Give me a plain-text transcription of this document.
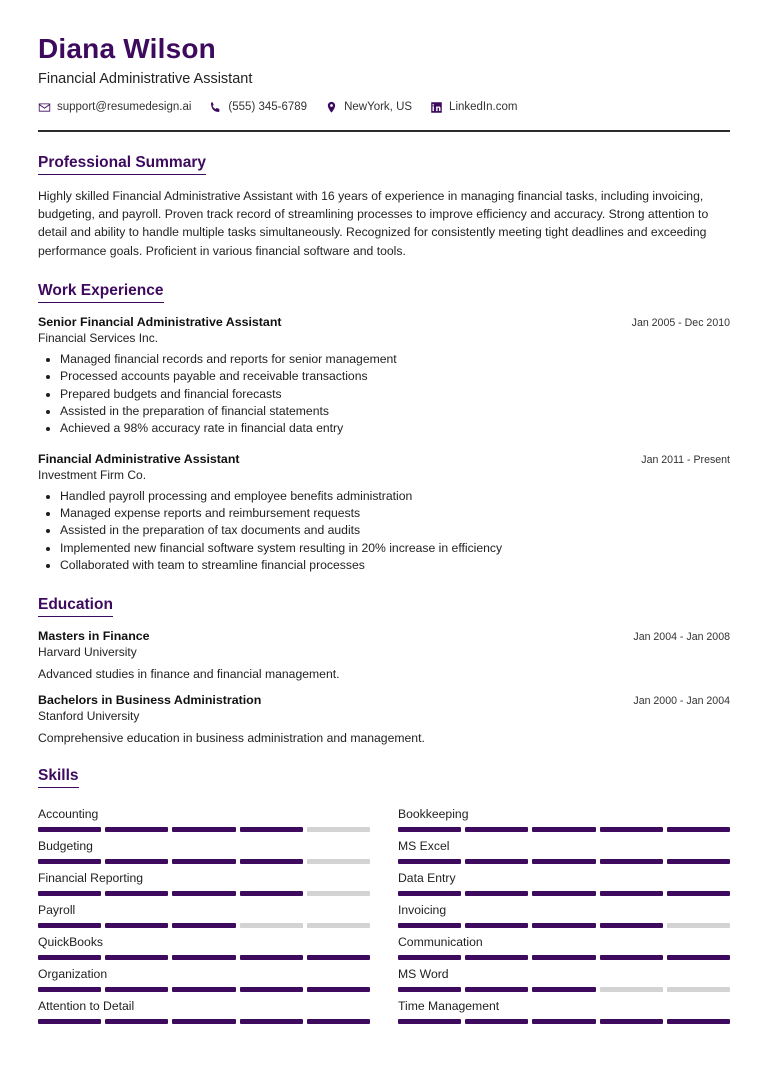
Diana Wilson
Financial Administrative Assistant
support@resumedesign.ai	(555) 345-6789	NewYork, US	LinkedIn.com
Professional Summary

Highly skilled Financial Administrative Assistant with 16 years of experience in managing financial tasks, including invoicing, budgeting, and payroll. Proven track record of streamlining processes to improve efficiency and accuracy. Strong attention to detail and ability to handle multiple tasks simultaneously. Recognized for consistently meeting tight deadlines and exceeding performance goals. Proficient in various financial software and tools.

Work Experience
Senior Financial Administrative Assistant	Jan 2005 - Dec 2010
Financial Services Inc.
• Managed financial records and reports for senior management
• Processed accounts payable and receivable transactions
• Prepared budgets and financial forecasts
• Assisted in the preparation of financial statements
• Achieved a 98% accuracy rate in financial data entry
Financial Administrative Assistant	Jan 2011 - Present
Investment Firm Co.
• Handled payroll processing and employee benefits administration
• Managed expense reports and reimbursement requests
• Assisted in the preparation of tax documents and audits
• Implemented new financial software system resulting in 20% increase in efficiency
• Collaborated with team to streamline financial processes
Education
Masters in Finance	Jan 2004 - Jan 2008
Harvard University
Advanced studies in finance and financial management.
Bachelors in Business Administration	Jan 2000 - Jan 2004
Stanford University
Comprehensive education in business administration and management.
Skills
Accounting	Bookkeeping
Budgeting	MS Excel
Financial Reporting	Data Entry
Payroll	Invoicing
QuickBooks	Communication
Organization	MS Word
Attention to Detail	Time Management
